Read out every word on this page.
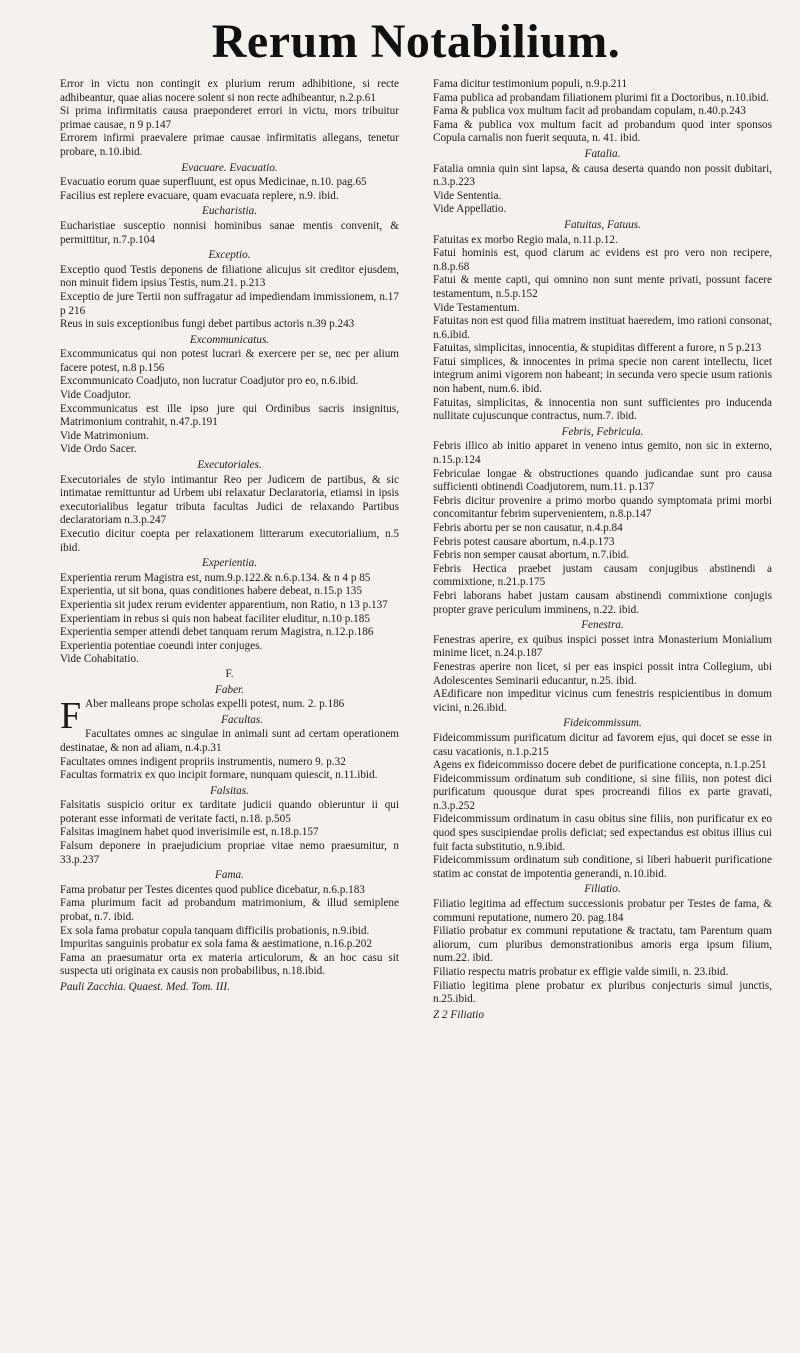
Rerum Notabilium.

Error in victu non contingit ex plurium rerum adhibitione, si recte adhibeantur, quae alias nocere solent si non recte adhibeantur, n.2.p.61

Si prima infirmitatis causa praeponderet errori in victu, mors tribuitur primae causae, n 9 p.147

Errorem infirmi praevalere primae causae infirmitatis allegans, tenetur probare, n.10.ibid.

Evacuare. Evacuatio.

Evacuatio eorum quae superfluunt, est opus Medicinae, n.10. pag.65

Facilius est replere evacuare, quam evacuata replere, n.9. ibid.

Eucharistia.

Eucharistiae susceptio nonnisi hominibus sanae mentis convenit, & permittitur, n.7.p.104

Exceptio.

Exceptio quod Testis deponens de filiatione alicujus sit creditor ejusdem, non minuit fidem ipsius Testis, num.21. p.213

Exceptio de jure Tertii non suffragatur ad impediendam immissionem, n.17 p 216

Reus in suis exceptionibus fungi debet partibus actoris n.39 p.243

Excommunicatus.

Excommunicatus qui non potest lucrari & exercere per se, nec per alium facere potest, n.8 p.156

Excommunicato Coadjuto, non lucratur Coadjutor pro eo, n.6.ibid.

Vide Coadjutor.

Excommunicatus est ille ipso jure qui Ordinibus sacris insignitus, Matrimonium contrahit, n.47.p.191

Vide Matrimonium.

Vide Ordo Sacer.

Executoriales.

Executoriales de stylo intimantur Reo per Judicem de partibus, & sic intimatae remittuntur ad Urbem ubi relaxatur Declaratoria, etiamsi in ipsis executorialibus legatur tributa facultas Judici de relaxando Partibus declaratoriam n.3.p.247

Executio dicitur coepta per relaxationem litterarum executorialium, n.5 ibid.

Experientia.

Experientia rerum Magistra est, num.9.p.122.& n.6.p.134. & n 4 p 85

Experientia, ut sit bona, quas conditiones habere debeat, n.15.p 135

Experientia sit judex rerum evidenter apparentium, non Ratio, n 13 p.137

Experientiam in rebus si quis non habeat faciliter eluditur, n.10 p.185

Experientia semper attendi debet tanquam rerum Magistra, n.12.p.186

Experientia potentiae coeundi inter conjuges.

Vide Cohabitatio.

F.

Faber.

F Aber malleans prope scholas expelli potest, num. 2. p.186

Facultas.

Facultates omnes ac singulae in animali sunt ad certam operationem destinatae, & non ad aliam, n.4.p.31

Facultates omnes indigent propriis instrumentis, numero 9. p.32

Facultas formatrix ex quo incipit formare, nunquam quiescit, n.11.ibid.

Falsitas.

Falsitatis suspicio oritur ex tarditate judicii quando obieruntur ii qui poterant esse informati de veritate facti, n.18. p.505

Falsitas imaginem habet quod inverisimile est, n.18.p.157

Falsum deponere in praejudicium propriae vitae nemo praesumitur, n 33.p.237

Fama.

Fama probatur per Testes dicentes quod publice dicebatur, n.6.p.183

Fama plurimum facit ad probandum matrimonium, & illud semiplene probat, n.7. ibid.

Ex sola fama probatur copula tanquam difficilis probationis, n.9.ibid.

Impuritas sanguinis probatur ex sola fama & aestimatione, n.16.p.202

Fama an praesumatur orta ex materia articulorum, & an hoc casu sit suspecta uti originata ex causis non probabilibus, n.18.ibid.

Pauli Zacchia. Quaest. Med. Tom. III.

Fama dicitur testimonium populi, n.9.p.211

Fama publica ad probandam filiationem plurimi fit a Doctoribus, n.10.ibid.

Fama & publica vox multum facit ad probandam copulam, n.40.p.243

Fama & publica vox multum facit ad probandum quod inter sponsos Copula carnalis non fuerit sequuta, n. 41. ibid.

Fatalia.

Fatalia omnia quin sint lapsa, & causa deserta quando non possit dubitari, n.3.p.223

Vide Sententia.

Vide Appellatio.

Fatuitas, Fatuus.

Fatuitas ex morbo Regio mala, n.11.p.12.

Fatui hominis est, quod clarum ac evidens est pro vero non recipere, n.8.p.68

Fatui & mente capti, qui omnino non sunt mente privati, possunt facere testamentum, n.5.p.152

Vide Testamentum.

Fatuitas non est quod filia matrem instituat haeredem, imo rationi consonat, n.6.ibid.

Fatuitas, simplicitas, innocentia, & stupiditas different a furore, n 5 p.213

Fatui simplices, & innocentes in prima specie non carent intellectu, licet integrum animi vigorem non habeant; in secunda vero specie usum rationis non habent, num.6. ibid.

Fatuitas, simplicitas, & innocentia non sunt sufficientes pro inducenda nullitate cujuscunque contractus, num.7. ibid.

Febris, Febricula.

Febris illico ab initio apparet in veneno intus gemito, non sic in externo, n.15.p.124

Febriculae longae & obstructiones quando judicandae sunt pro causa sufficienti obtinendi Coadjutorem, num.11. p.137

Febris dicitur provenire a primo morbo quando symptomata primi morbi concomitantur febrim supervenientem, n.8.p.147

Febris abortu per se non causatur, n.4.p.84

Febris potest causare abortum, n.4.p.173

Febris non semper causat abortum, n.7.ibid.

Febris Hectica praebet justam causam conjugibus abstinendi a commixtione, n.21.p.175

Febri laborans habet justam causam abstinendi commixtione conjugis propter grave periculum imminens, n.22. ibid.

Fenestra.

Fenestras aperire, ex quibus inspici posset intra Monasterium Monialium minime licet, n.24.p.187

Fenestras aperire non licet, si per eas inspici possit intra Collegium, ubi Adolescentes Seminarii educantur, n.25. ibid.

AEdificare non impeditur vicinus cum fenestris respicientibus in domum vicini, n.26.ibid.

Fideicommissum.

Fideicommissum purificatum dicitur ad favorem ejus, qui docet se esse in casu vacationis, n.1.p.215

Agens ex fideicommisso docere debet de purificatione concepta, n.1.p.251

Fideicommissum ordinatum sub conditione, si sine filiis, non potest dici purificatum quousque durat spes procreandi filios ex parte gravati, n.3.p.252

Fideicommissum ordinatum in casu obitus sine filiis, non purificatur ex eo quod spes suscipiendae prolis deficiat; sed expectandus est obitus illius cui fuit facta substitutio, n.9.ibid.

Fideicommissum ordinatum sub conditione, si liberi habuerit purificatione statim ac constat de impotentia generandi, n.10.ibid.

Filiatio.

Filiatio legitima ad effectum successionis probatur per Testes de fama, & communi reputatione, numero 20. pag.184

Filiatio probatur ex communi reputatione & tractatu, tam Parentum quam aliorum, cum pluribus demonstrationibus amoris erga ipsum filium, num.22. ibid.

Filiatio respectu matris probatur ex effigie valde simili, n. 23.ibid.

Filiatio legitima plene probatur ex pluribus conjecturis simul junctis, n.25.ibid.

Z 2 Filiatio
